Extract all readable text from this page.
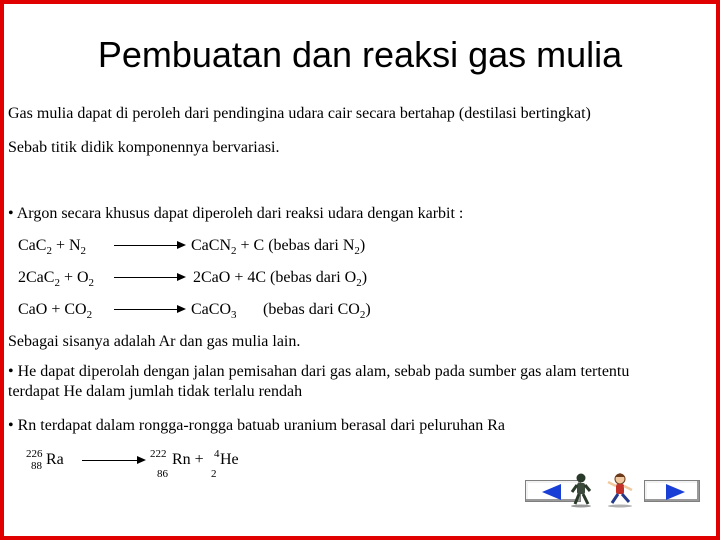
Pembuatan dan reaksi gas mulia
Gas mulia dapat di peroleh dari pendingina udara cair secara bertahap (destilasi bertingkat)
Sebab titik didik komponennya bervariasi.
• Argon secara khusus dapat diperoleh dari reaksi udara dengan karbit :
$CaC_2 + N_2$	CaCN$_2$ + C (bebas dari $N_2$)
$2CaC_2 + O_2$	2CaO + 4C (bebas dari $O_2$)
CaO + $CO_2$	CaCO$_3$ (bebas dari $CO_2$)
Sebagai sisanya adalah Ar dan gas mulia lain.
• He dapat diperolah dengan jalan pemisahan dari gas alam, sebab pada sumber gas alam tertentu terdapat He dalam jumlah tidak terlalu rendah
• Rn terdapat dalam rongga-rongga batuab uranium berasal dari peluruhan Ra
226
88 Ra	222 Rn +
86
4 He
2
